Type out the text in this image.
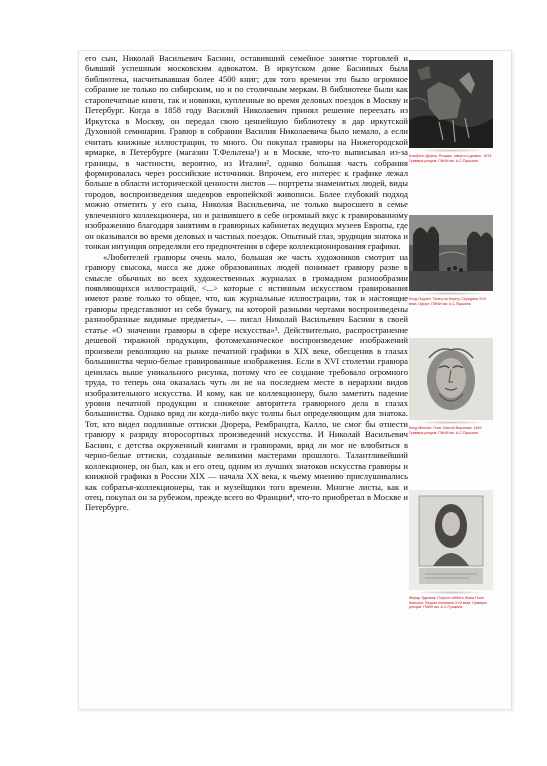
его сын, Николай Васильевич Баснин, оставивший семейное занятие торговлей и бывший успешным московским адвокатом. В иркутском доме Басниных была библиотека, насчитывавшая более 4500 книг; для того времени это было огромное собрание не только по сибирским, но и по столичным меркам. В библиотеке были как старопечатные книги, так и новинки, купленные во время деловых поездок в Москву и Петербург. Когда в 1858 году Василий Николаевич принял решение переехать из Иркутска в Москву, он передал свою ценнейшую библиотеку в дар иркутской Духовной семинарии. Гравюр в собрании Василия Николаевича было немало, а если считать книжные иллюстрации, то много. Он покупал гравюры на Нижегородской ярмарке, в Петербурге (магазин Т.Фельтена¹) и в Москве, что-то выписывал из-за границы, в частности, вероятно, из Италии², однако большая часть собрания формировалась через российские источники. Впрочем, его интерес к графике лежал больше в области исторической ценности листов — портреты знаменитых людей, виды городов, воспроизведения шедевров европейской живописи. Более глубокий подход можно отметить у его сына, Николая Васильевича, не только выросшего в семье увлеченного коллекционера, но и развившего в себе огромный вкус к гравированному изображению благодаря занятиям в гравюрных кабинетах ведущих музеев Европы, где он оказывался во время деловых и частных поездок. Опытный глаз, эрудиция знатока и тонкая интуиция определяли его предпочтения в сфере коллекционирования графики.

«Любителей гравюры очень мало, большая же часть художников смотрит на гравюру свысока, масса же даже образованных людей понимает гравюру разве в смысле обычных во всех художественных журналах в громадном разнообразии появляющихся иллюстраций, <...> которые с истинным искусством гравирования имеют разве только то общее, что, как журнальные иллюстрации, так и настоящие гравюры представляют из себя бумагу, на которой разными чертами воспроизведены разнообразные видимые предметы», — писал Николай Васильевич Баснин в своей статье «О значении гравюры в сфере искусства»³. Действительно, распространение дешевой тиражной продукции, фотомеханическое воспроизведение изображений произвели революцию на рынке печатной графики в XIX веке, обесценив в глазах большинства черно-белые гравированные изображения. Если в XVI столетии гравюра ценилась выше уникального рисунка, потому что ее создание требовало огромного труда, то теперь она оказалась чуть ли не на последнем месте в иерархии видов изобразительного искусства. И кому, как не коллекционеру, было заметить падение уровня печатной продукции и снижение авторитета гравюрного дела в глазах большинства. Однако вряд ли когда-либо вкус толпы был определяющим для знатока. Тот, кто видел подлинные оттиски Дюрера, Рембрандта, Калло, не смог бы отнести гравюру к разряду второсортных произведений искусства. И Николай Васильевич Баснин, с детства окруженный книгами и гравюрами, вряд ли мог не влюбиться в черно-белые оттиски, созданные великими мастерами прошлого. Талантливейший коллекционер, он был, как и его отец, одним из лучших знатоков искусства гравюры и книжной графики в России XIX — начала XX века, к чьему мнению прислушивались как собратья-коллекционеры, так и музейщики того времени. Многие листы, как и отец, покупал он за рубежом, прежде всего во Франции⁴, что-то приобретал в Москве и Петербурге.

Альбрехт Дюрер. Рыцарь, смерть и дьявол. 1513. Гравюра резцом. ГМИИ им. А.С.Пушкина
Клод Лоррен. Танец на берегу. Середина XVII века. Офорт. ГМИИ им. А.С.Пушкина
Клод Меллан. Плат Святой Вероники. 1649. Гравюра резцом. ГМИИ им. А.С.Пушкина
Жерар Эделинк. Портрет аббата Жана-Поля Биньона. Вторая половина XVII века. Гравюра резцом. ГМИИ им. А.С.Пушкина
